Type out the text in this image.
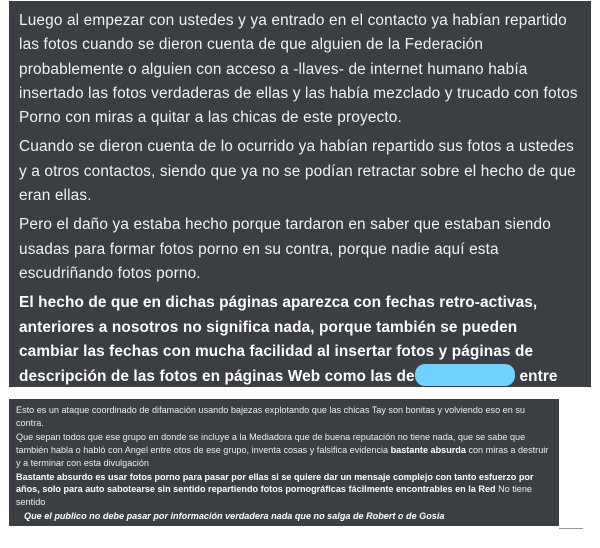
Luego al empezar con ustedes y ya entrado en el contacto ya habían repartido las fotos cuando se dieron cuenta de que alguien de la Federación probablemente o alguien con acceso a -llaves- de internet humano había insertado las fotos verdaderas de ellas y las había mezclado y trucado con fotos Porno con miras a quitar a las chicas de este proyecto.

Cuando se dieron cuenta de lo ocurrido ya habían repartido sus fotos a ustedes y a otros contactos, siendo que ya no se podían retractar sobre el hecho de que eran ellas.

Pero el daño ya estaba hecho porque tardaron en saber que estaban siendo usadas para formar fotos porno en su contra, porque nadie aquí esta escudriñando fotos porno.

El hecho de que en dichas páginas aparezca con fechas retro-activas, anteriores a nosotros no significa nada, porque también se pueden cambiar las fechas con mucha facilidad al insertar fotos y páginas de descripción de las fotos en páginas Web como las de	entre

Esto es un ataque coordinado de difamación usando bajezas explotando que las chicas Tay son bonitas y volviendo eso en su contra.

Que sepan todos que ese grupo en donde se incluye a la Mediadora que de buena reputación no tiene nada, que se sabe que también habla o habló con Angel entre otos de ese grupo, inventa cosas y falsifica evidencia bastante absurda con miras a destruir y a terminar con esta divulgación

Bastante absurdo es usar fotos porno para pasar por ellas si se quiere dar un mensaje complejo con tanto esfuerzo por años, solo para auto sabotearse sin sentido repartiendo fotos pornográficas fácilmente encontrables en la Red No tiene sentido

Que el publico no debe pasar por información verdadera nada que no salga de Robert o de Gosia
